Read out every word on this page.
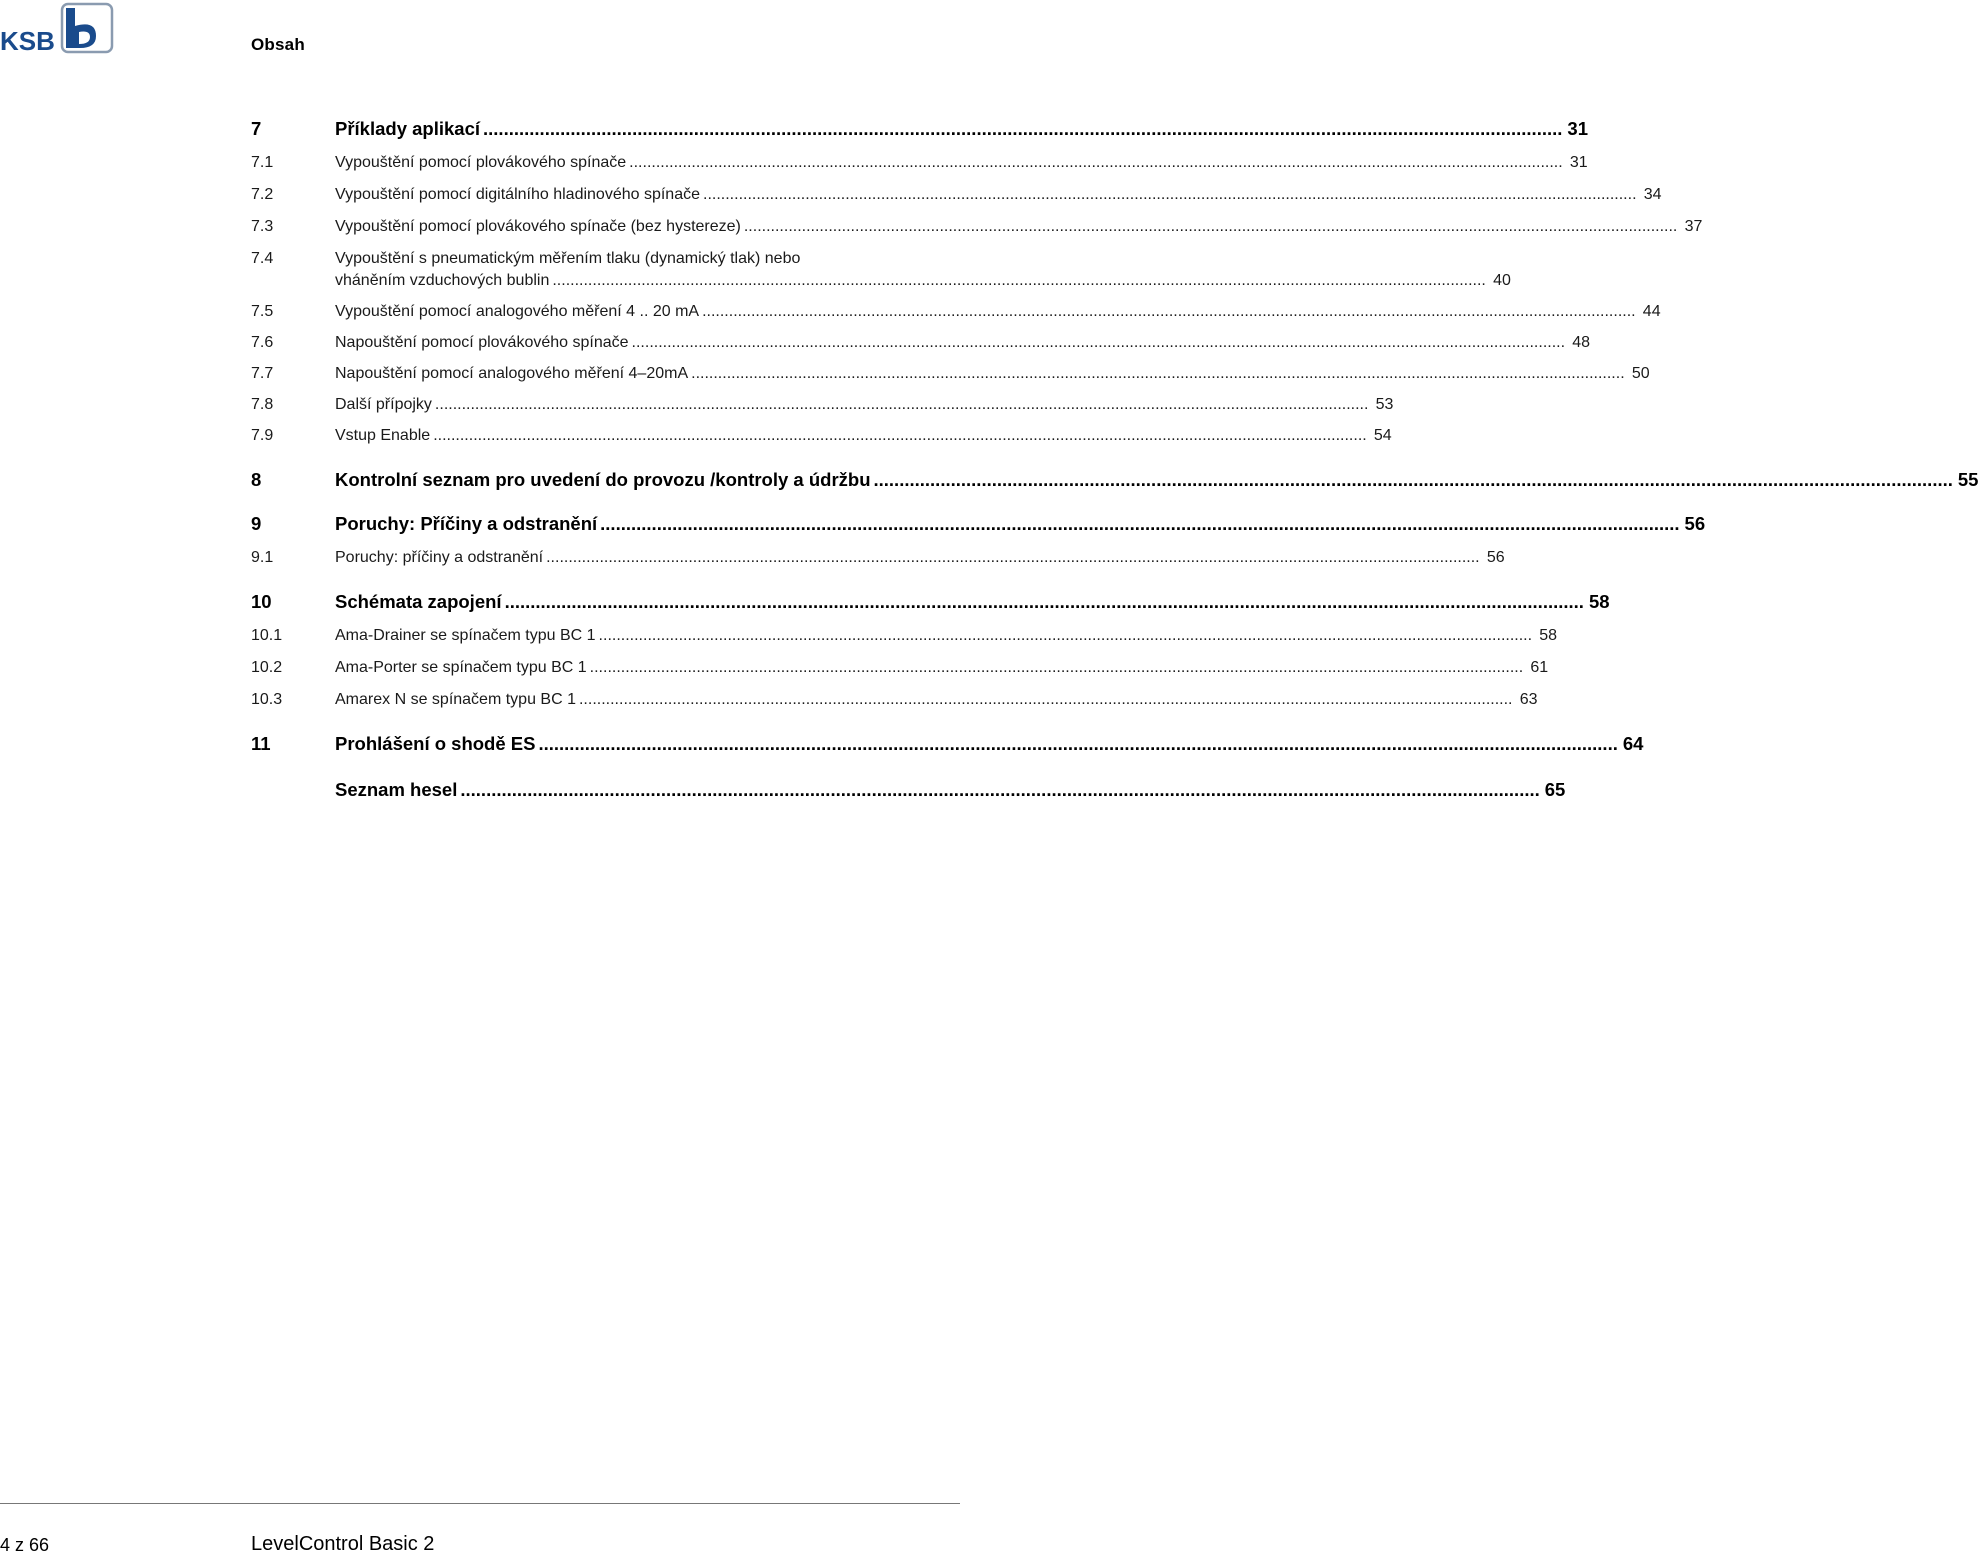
KSB	Obsah
7	Příklady aplikací .....	31
7.1	Vypouštění pomocí plovákového spínače .....	31
7.2	Vypouštění pomocí digitálního hladinového spínače .....	34
7.3	Vypouštění pomocí plovákového spínače (bez hystereze) .....	37
7.4	Vypouštění s pneumatickým měřením tlaku (dynamický tlak) nebo
vháněním vzduchových bublin .....	40
7.5	Vypouštění pomocí analogového měření 4 .. 20 mA .....	44
7.6	Napouštění pomocí plovákového spínače .....	48
7.7	Napouštění pomocí analogového měření 4–20mA .....	50
7.8	Další přípojky .....	53
7.9	Vstup Enable .....	54
8	Kontrolní seznam pro uvedení do provozu /kontroly a údržbu .....	55
9	Poruchy: Příčiny a odstranění .....	56
9.1	Poruchy: příčiny a odstranění .....	56
10	Schémata zapojení .....	58
10.1	Ama-Drainer se spínačem typu BC 1 .....	58
10.2	Ama-Porter se spínačem typu BC 1 .....	61
10.3	Amarex N se spínačem typu BC 1 .....	63
11	Prohlášení o shodě ES .....	64
Seznam hesel .....	65
4 z 66	LevelControl Basic 2
